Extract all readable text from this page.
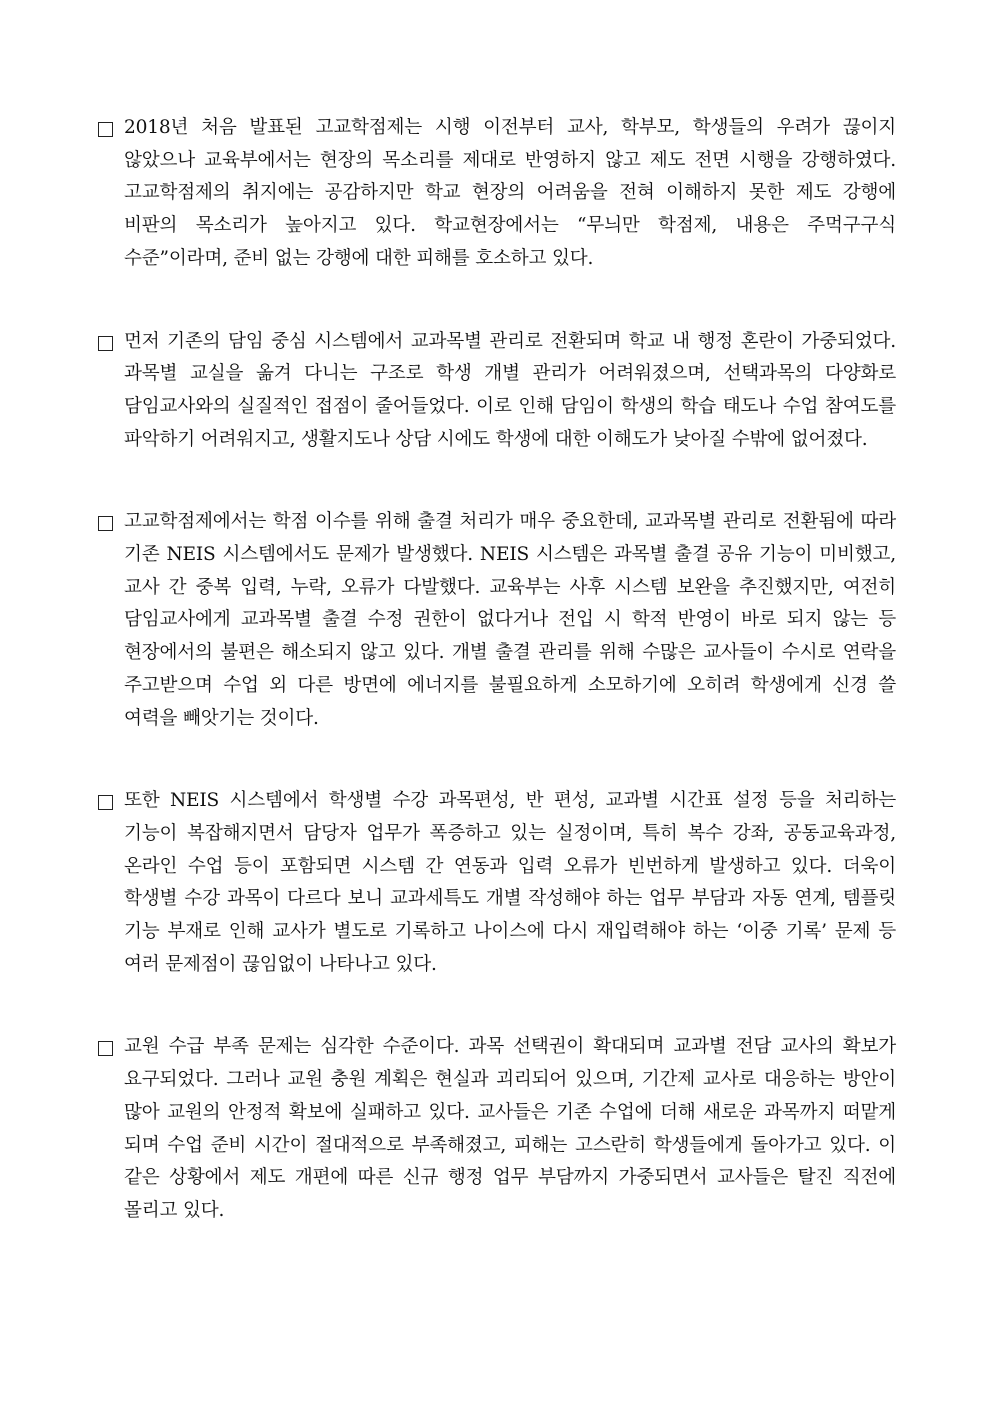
2018년 처음 발표된 고교학점제는 시행 이전부터 교사, 학부모, 학생들의 우려가 끊이지 않았으나 교육부에서는 현장의 목소리를 제대로 반영하지 않고 제도 전면 시행을 강행하였다. 고교학점제의 취지에는 공감하지만 학교 현장의 어려움을 전혀 이해하지 못한 제도 강행에 비판의 목소리가 높아지고 있다. 학교현장에서는 “무늬만 학점제, 내용은 주먹구구식 수준”이라며, 준비 없는 강행에 대한 피해를 호소하고 있다.
먼저 기존의 담임 중심 시스템에서 교과목별 관리로 전환되며 학교 내 행정 혼란이 가중되었다. 과목별 교실을 옮겨 다니는 구조로 학생 개별 관리가 어려워졌으며, 선택과목의 다양화로 담임교사와의 실질적인 접점이 줄어들었다. 이로 인해 담임이 학생의 학습 태도나 수업 참여도를 파악하기 어려워지고, 생활지도나 상담 시에도 학생에 대한 이해도가 낮아질 수밖에 없어졌다.
고교학점제에서는 학점 이수를 위해 출결 처리가 매우 중요한데, 교과목별 관리로 전환됨에 따라 기존 NEIS 시스템에서도 문제가 발생했다. NEIS 시스템은 과목별 출결 공유 기능이 미비했고, 교사 간 중복 입력, 누락, 오류가 다발했다. 교육부는 사후 시스템 보완을 추진했지만, 여전히 담임교사에게 교과목별 출결 수정 권한이 없다거나 전입 시 학적 반영이 바로 되지 않는 등 현장에서의 불편은 해소되지 않고 있다. 개별 출결 관리를 위해 수많은 교사들이 수시로 연락을 주고받으며 수업 외 다른 방면에 에너지를 불필요하게 소모하기에 오히려 학생에게 신경 쓸 여력을 빼앗기는 것이다.
또한 NEIS 시스템에서 학생별 수강 과목편성, 반 편성, 교과별 시간표 설정 등을 처리하는 기능이 복잡해지면서 담당자 업무가 폭증하고 있는 실정이며, 특히 복수 강좌, 공동교육과정, 온라인 수업 등이 포함되면 시스템 간 연동과 입력 오류가 빈번하게 발생하고 있다. 더욱이 학생별 수강 과목이 다르다 보니 교과세특도 개별 작성해야 하는 업무 부담과 자동 연계, 템플릿 기능 부재로 인해 교사가 별도로 기록하고 나이스에 다시 재입력해야 하는 ‘이중 기록’ 문제 등 여러 문제점이 끊임없이 나타나고 있다.
교원 수급 부족 문제는 심각한 수준이다. 과목 선택권이 확대되며 교과별 전담 교사의 확보가 요구되었다. 그러나 교원 충원 계획은 현실과 괴리되어 있으며, 기간제 교사로 대응하는 방안이 많아 교원의 안정적 확보에 실패하고 있다. 교사들은 기존 수업에 더해 새로운 과목까지 떠맡게 되며 수업 준비 시간이 절대적으로 부족해졌고, 피해는 고스란히 학생들에게 돌아가고 있다. 이 같은 상황에서 제도 개편에 따른 신규 행정 업무 부담까지 가중되면서 교사들은 탈진 직전에 몰리고 있다.
